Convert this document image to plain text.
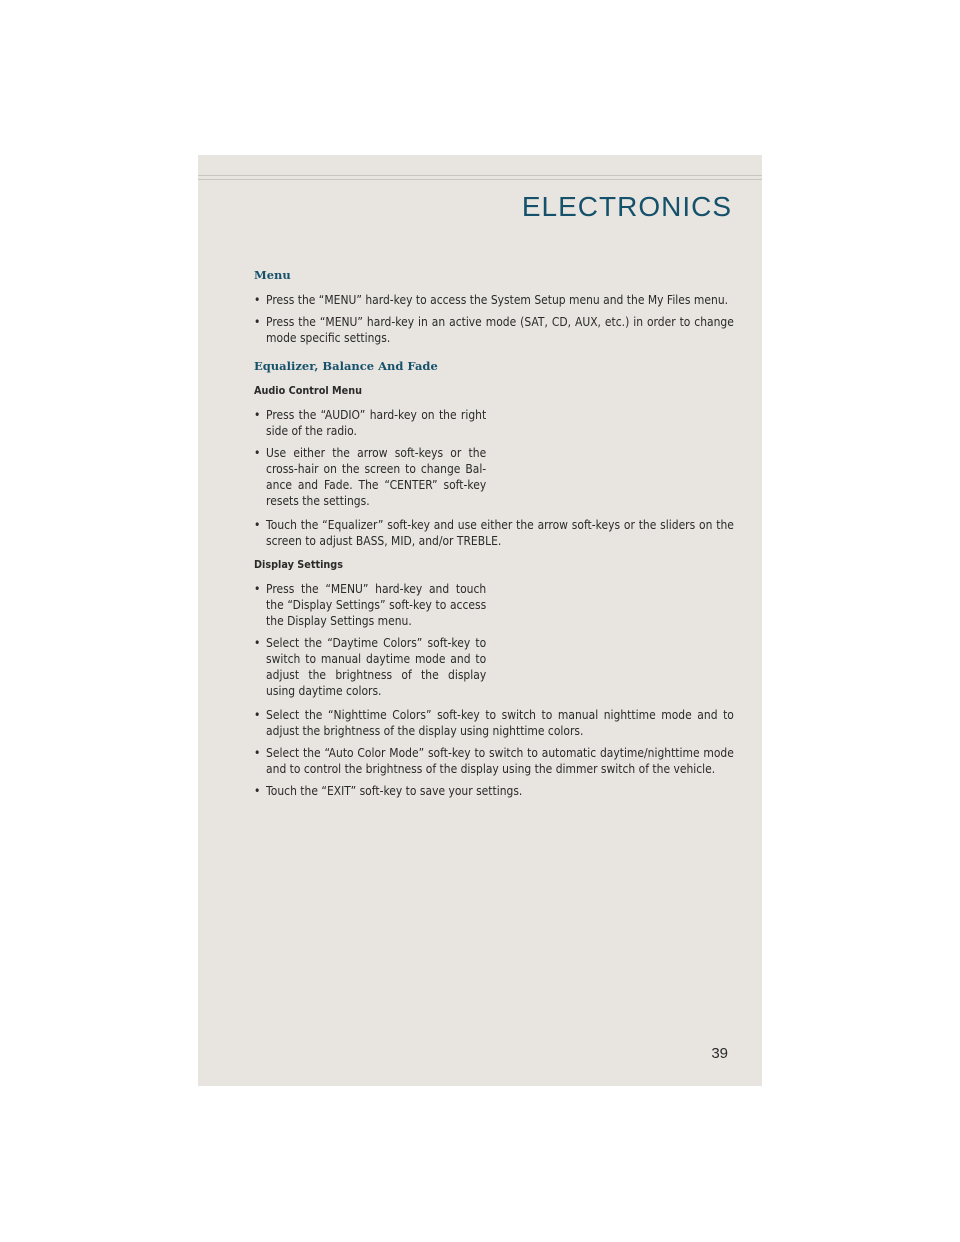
ELECTRONICS
Menu
• Press the “MENU” hard-key to access the System Setup menu and the My Files menu.
• Press the “MENU” hard-key in an active mode (SAT, CD, AUX, etc.) in order to change mode specific settings.
Equalizer, Balance And Fade
Audio Control Menu
• Press the “AUDIO” hard-key on the right side of the radio.
• Use either the arrow soft-keys or the cross-hair on the screen to change Bal-ance and Fade. The “CENTER” soft-key resets the settings.
• Touch the “Equalizer” soft-key and use either the arrow soft-keys or the sliders on the screen to adjust BASS, MID, and/or TREBLE.
Display Settings
• Press the “MENU” hard-key and touch the “Display Settings” soft-key to access the Display Settings menu.
• Select the “Daytime Colors” soft-key to switch to manual daytime mode and to adjust the brightness of the display using daytime colors.
• Select the “Nighttime Colors” soft-key to switch to manual nighttime mode and to adjust the brightness of the display using nighttime colors.
• Select the “Auto Color Mode” soft-key to switch to automatic daytime/nighttime mode and to control the brightness of the display using the dimmer switch of the vehicle.
• Touch the “EXIT” soft-key to save your settings.
39
